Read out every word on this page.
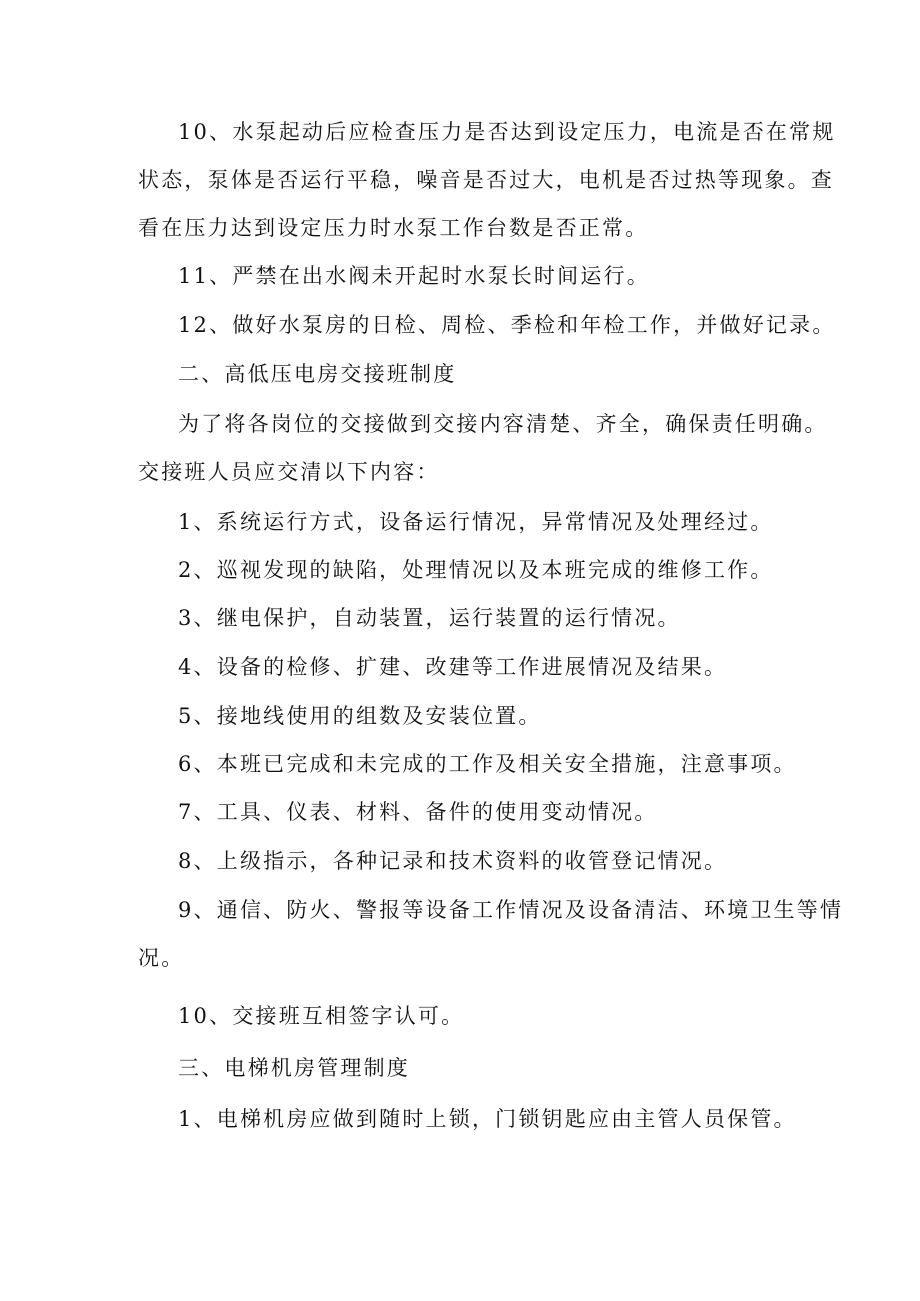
10、水泵起动后应检查压力是否达到设定压力，电流是否在常规
状态，泵体是否运行平稳，噪音是否过大，电机是否过热等现象。查
看在压力达到设定压力时水泵工作台数是否正常。
11、严禁在出水阀未开起时水泵长时间运行。
12、做好水泵房的日检、周检、季检和年检工作，并做好记录。
二、高低压电房交接班制度
为了将各岗位的交接做到交接内容清楚、齐全，确保责任明确。
交接班人员应交清以下内容：
1、系统运行方式，设备运行情况，异常情况及处理经过。
2、巡视发现的缺陷，处理情况以及本班完成的维修工作。
3、继电保护，自动装置，运行装置的运行情况。
4、设备的检修、扩建、改建等工作进展情况及结果。
5、接地线使用的组数及安装位置。
6、本班已完成和未完成的工作及相关安全措施，注意事项。
7、工具、仪表、材料、备件的使用变动情况。
8、上级指示，各种记录和技术资料的收管登记情况。
9、通信、防火、警报等设备工作情况及设备清洁、环境卫生等情
况。
10、交接班互相签字认可。
三、电梯机房管理制度
1、电梯机房应做到随时上锁，门锁钥匙应由主管人员保管。
